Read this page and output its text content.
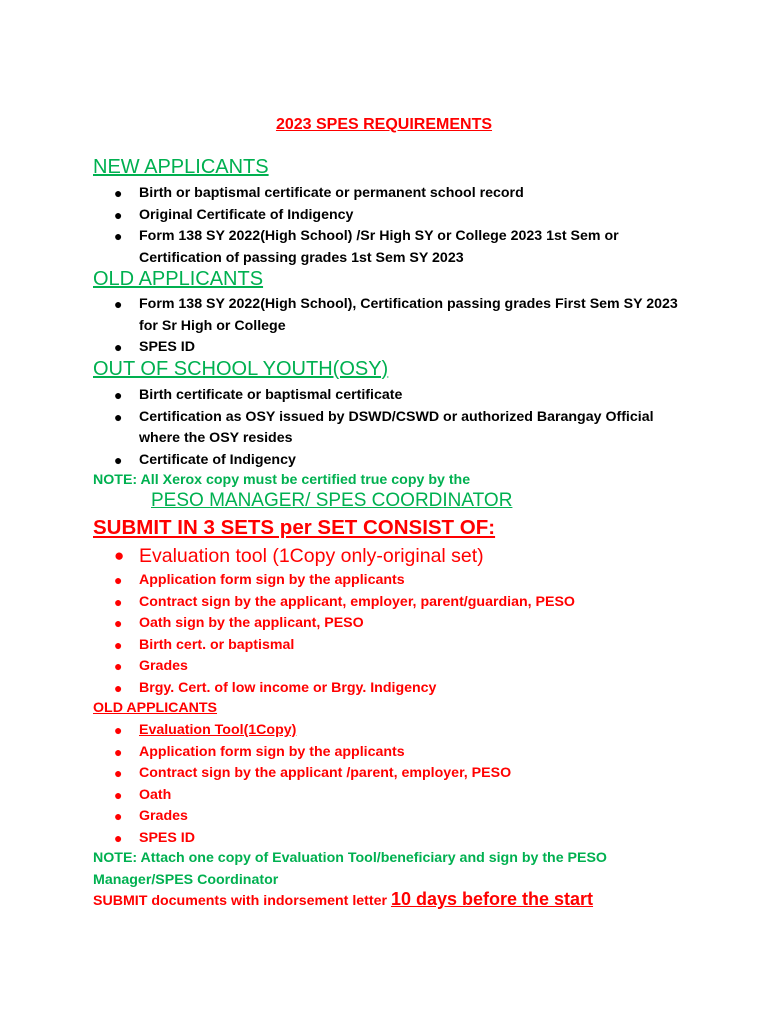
2023 SPES REQUIREMENTS
NEW APPLICANTS
● Birth or baptismal certificate or permanent school record
● Original Certificate of Indigency
● Form 138 SY 2022(High School) /Sr High SY or College 2023 1st Sem or Certification of passing grades 1st Sem SY 2023
OLD APPLICANTS
● Form 138 SY 2022(High School), Certification passing grades First Sem SY 2023 for Sr High or College
● SPES ID
OUT OF SCHOOL YOUTH(OSY)
● Birth certificate or baptismal certificate
● Certification as OSY issued by DSWD/CSWD or authorized Barangay Official where the OSY resides
● Certificate of Indigency
NOTE: All Xerox copy must be certified true copy by the
PESO MANAGER/ SPES COORDINATOR
SUBMIT IN 3 SETS per SET CONSIST OF:
● Evaluation tool (1Copy only-original set)
● Application form sign by the applicants
● Contract sign by the applicant, employer, parent/guardian, PESO
● Oath sign by the applicant, PESO
● Birth cert. or baptismal
● Grades
● Brgy. Cert. of low income or Brgy. Indigency
OLD APPLICANTS
● Evaluation Tool(1Copy)
● Application form sign by the applicants
● Contract sign by the applicant /parent, employer, PESO
● Oath
● Grades
● SPES ID
NOTE: Attach one copy of Evaluation Tool/beneficiary and sign by the PESO Manager/SPES Coordinator
SUBMIT documents with indorsement letter 10 days before the start
